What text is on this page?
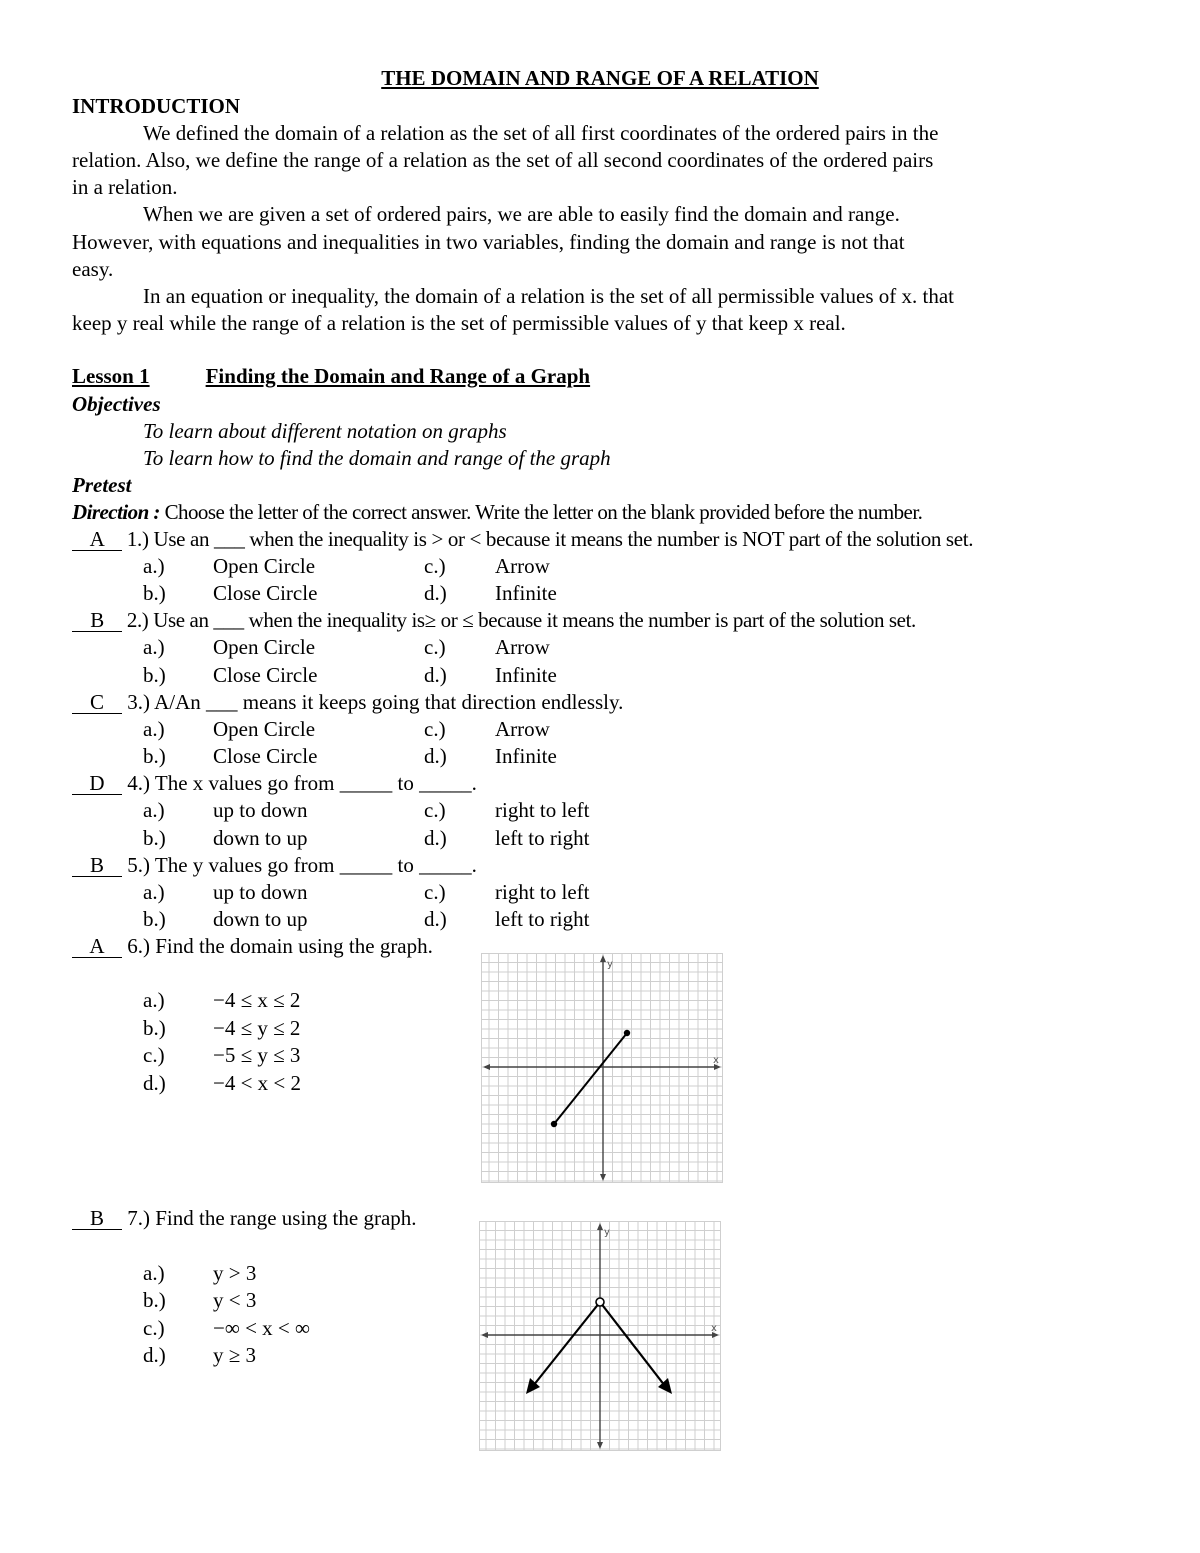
THE DOMAIN AND RANGE OF A RELATION
INTRODUCTION
We defined the domain of a relation as the set of all first coordinates of the ordered pairs in the
relation. Also, we define the range of a relation as the set of all second coordinates of the ordered pairs
in a relation.
When we are given a set of ordered pairs, we are able to easily find the domain and range.
However, with equations and inequalities in two variables, finding the domain and range is not that
easy.
In an equation or inequality, the domain of a relation is the set of all permissible values of x. that
keep y real while the range of a relation is the set of permissible values of y that keep x real.
Lesson 1	Finding the Domain and Range of a Graph
Objectives
To learn about different notation on graphs
To learn how to find the domain and range of the graph
Pretest
Direction : Choose the letter of the correct answer. Write the letter on the blank provided before the number.
A 1.) Use an ___ when the inequality is > or < because it means the number is NOT part of the solution set.
a.) Open Circle	c.) Arrow
b.) Close Circle	d.) Infinite
B 2.) Use an ___ when the inequality is≥ or ≤ because it means the number is part of the solution set.
a.) Open Circle	c.) Arrow
b.) Close Circle	d.) Infinite
C 3.) A/An ___ means it keeps going that direction endlessly.
a.) Open Circle	c.) Arrow
b.) Close Circle	d.) Infinite
D 4.) The x values go from _____ to _____.
a.) up to down	c.) right to left
b.) down to up	d.) left to right
B 5.) The y values go from _____ to _____.
a.) up to down	c.) right to left
b.) down to up	d.) left to right
A 6.) Find the domain using the graph.
a.) −4 ≤ x ≤ 2
b.) −4 ≤ y ≤ 2
c.) −5 ≤ y ≤ 3
d.) −4 < x < 2
x
y
B 7.) Find the range using the graph.
a.) y > 3
b.) y < 3
c.) −∞ < x < ∞
d.) y ≥ 3
x
y
